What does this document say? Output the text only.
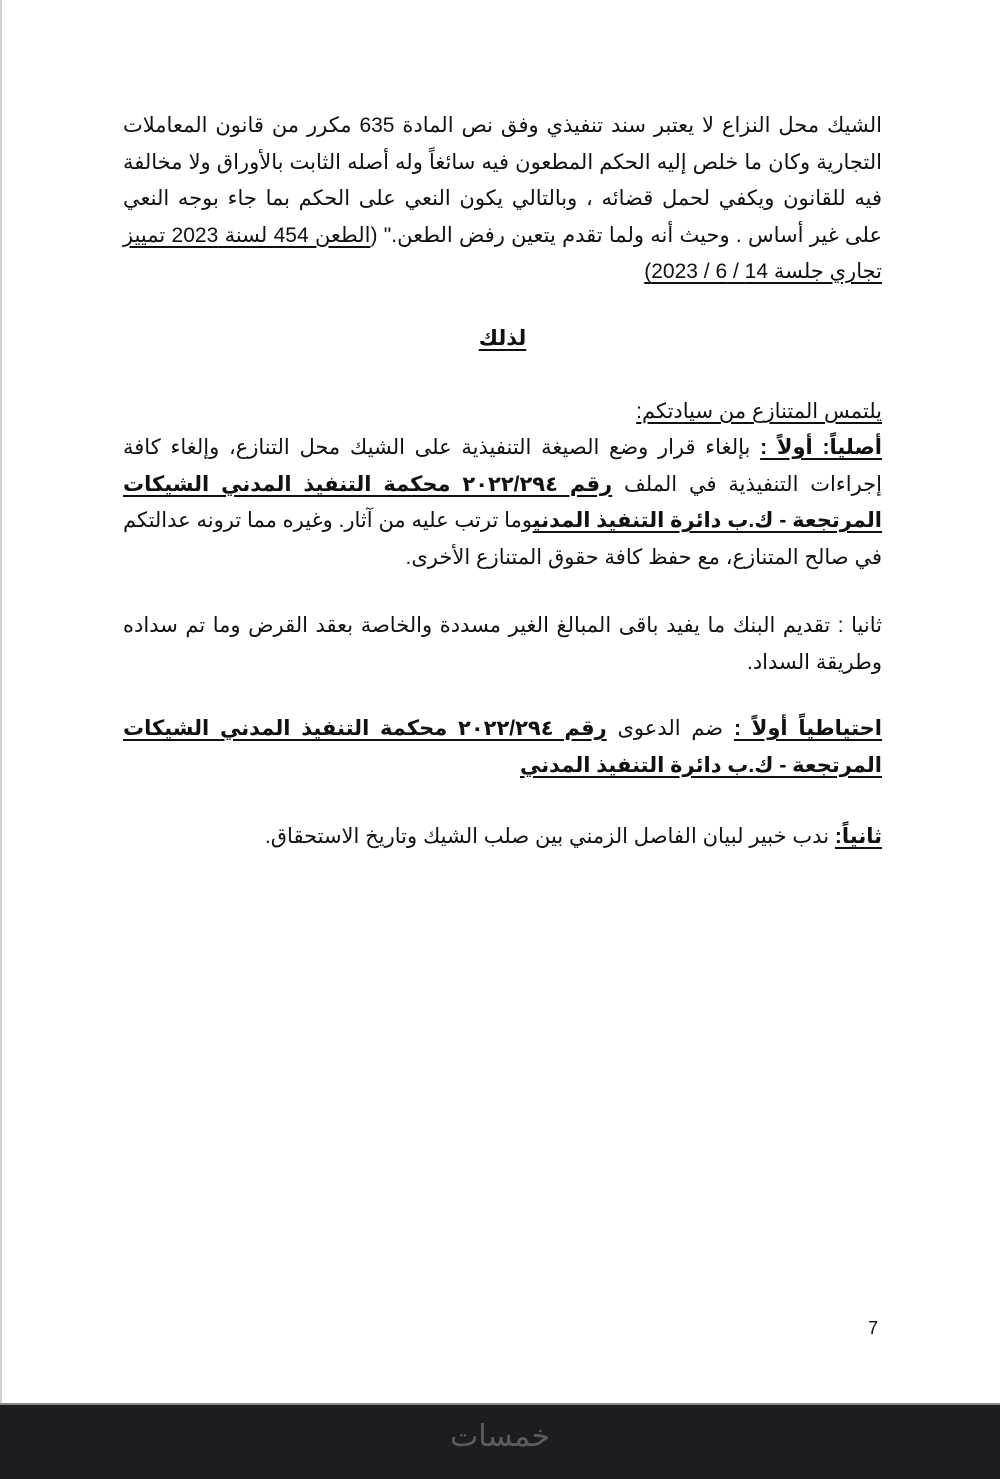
الشيك محل النزاع لا يعتبر سند تنفيذي وفق نص المادة 635 مكرر من قانون المعاملات التجارية وكان ما خلص إليه الحكم المطعون فيه سائغاً وله أصله الثابت بالأوراق ولا مخالفة فيه للقانون ويكفي لحمل قضائه ، وبالتالي يكون النعي على الحكم بما جاء بوجه النعي على غير أساس . وحيث أنه ولما تقدم يتعين رفض الطعن." (الطعن 454 لسنة 2023 تمييز تجاري جلسة 14 / 6 / 2023)

لذلك

يلتمس المتنازع من سيادتكم:

أصلياً: أولاً : بإلغاء قرار وضع الصيغة التنفيذية على الشيك محل التنازع، وإلغاء كافة إجراءات التنفيذية في الملف رقم ٢٠٢٢/٢٩٤ محكمة التنفيذ المدني الشيكات المرتجعة - ك.ب دائرة التنفيذ المدنيوما ترتب عليه من آثار. وغيره مما ترونه عدالتكم في صالح المتنازع، مع حفظ كافة حقوق المتنازع الأخرى.

ثانيا : تقديم البنك ما يفيد باقى المبالغ الغير مسددة والخاصة بعقد القرض وما تم سداده وطريقة السداد.

احتياطياً أولاً : ضم الدعوى رقم ٢٠٢٢/٢٩٤ محكمة التنفيذ المدني الشيكات المرتجعة - ك.ب دائرة التنفيذ المدني

ثانياً: ندب خبير لبيان الفاصل الزمني بين صلب الشيك وتاريخ الاستحقاق.

7
خمسات
